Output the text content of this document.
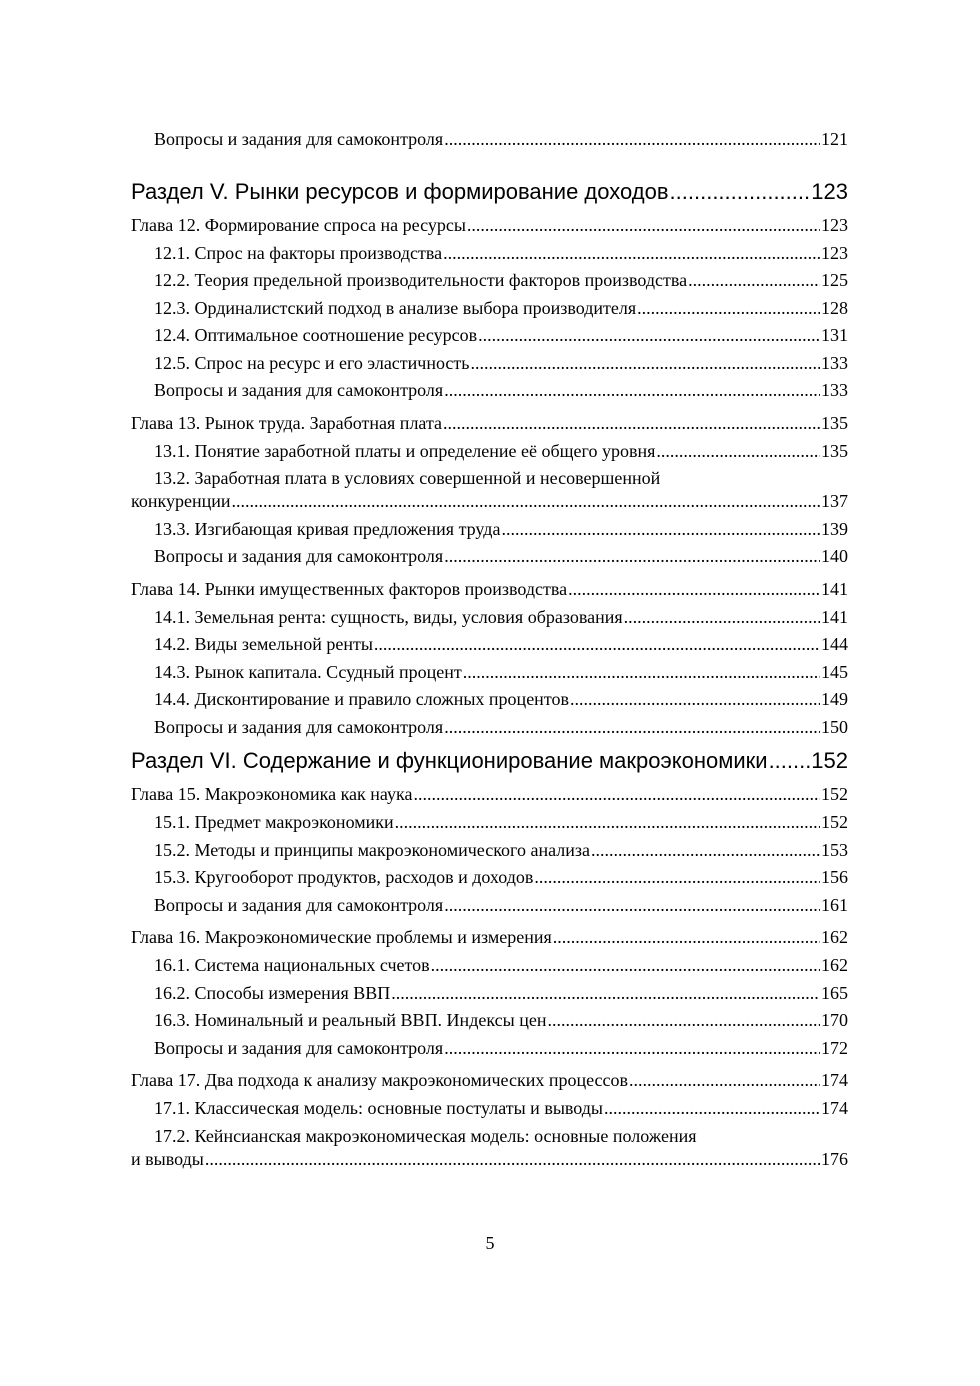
Вопросы и задания для самоконтроля .....	121
Раздел V. Рынки ресурсов и формирование доходов .....	123
Глава 12. Формирование спроса на ресурсы .....	123
12.1. Спрос на факторы производства .....	123
12.2. Теория предельной производительности факторов производства .....	125
12.3. Ординалистский подход в анализе выбора производителя .....	128
12.4. Оптимальное соотношение ресурсов .....	131
12.5. Спрос на ресурс и его эластичность .....	133
Вопросы и задания для самоконтроля .....	133
Глава 13. Рынок труда. Заработная плата .....	135
13.1. Понятие заработной платы и определение её общего уровня .....	135
13.2. Заработная плата в условиях совершенной и несовершенной
конкуренции .....	137
13.3. Изгибающая кривая предложения труда .....	139
Вопросы и задания для самоконтроля .....	140
Глава 14. Рынки имущественных факторов производства .....	141
14.1. Земельная рента: сущность, виды, условия образования .....	141
14.2. Виды земельной ренты .....	144
14.3. Рынок капитала. Ссудный процент .....	145
14.4. Дисконтирование и правило сложных процентов .....	149
Вопросы и задания для самоконтроля .....	150
Раздел VI. Содержание и функционирование макроэкономики ..... 152
Глава 15. Макроэкономика как наука .....	152
15.1. Предмет макроэкономики .....	152
15.2. Методы и принципы макроэкономического анализа .....	153
15.3. Кругооборот продуктов, расходов и доходов .....	156
Вопросы и задания для самоконтроля .....	161
Глава 16. Макроэкономические проблемы и измерения .....	162
16.1. Система национальных счетов .....	162
16.2. Способы измерения ВВП .....	165
16.3. Номинальный и реальный ВВП. Индексы цен .....	170
Вопросы и задания для самоконтроля .....	172
Глава 17. Два подхода к анализу макроэкономических процессов .....	174
17.1. Классическая модель: основные постулаты и выводы .....	174
17.2. Кейнсианская макроэкономическая модель: основные положения
и выводы .....	176
5
